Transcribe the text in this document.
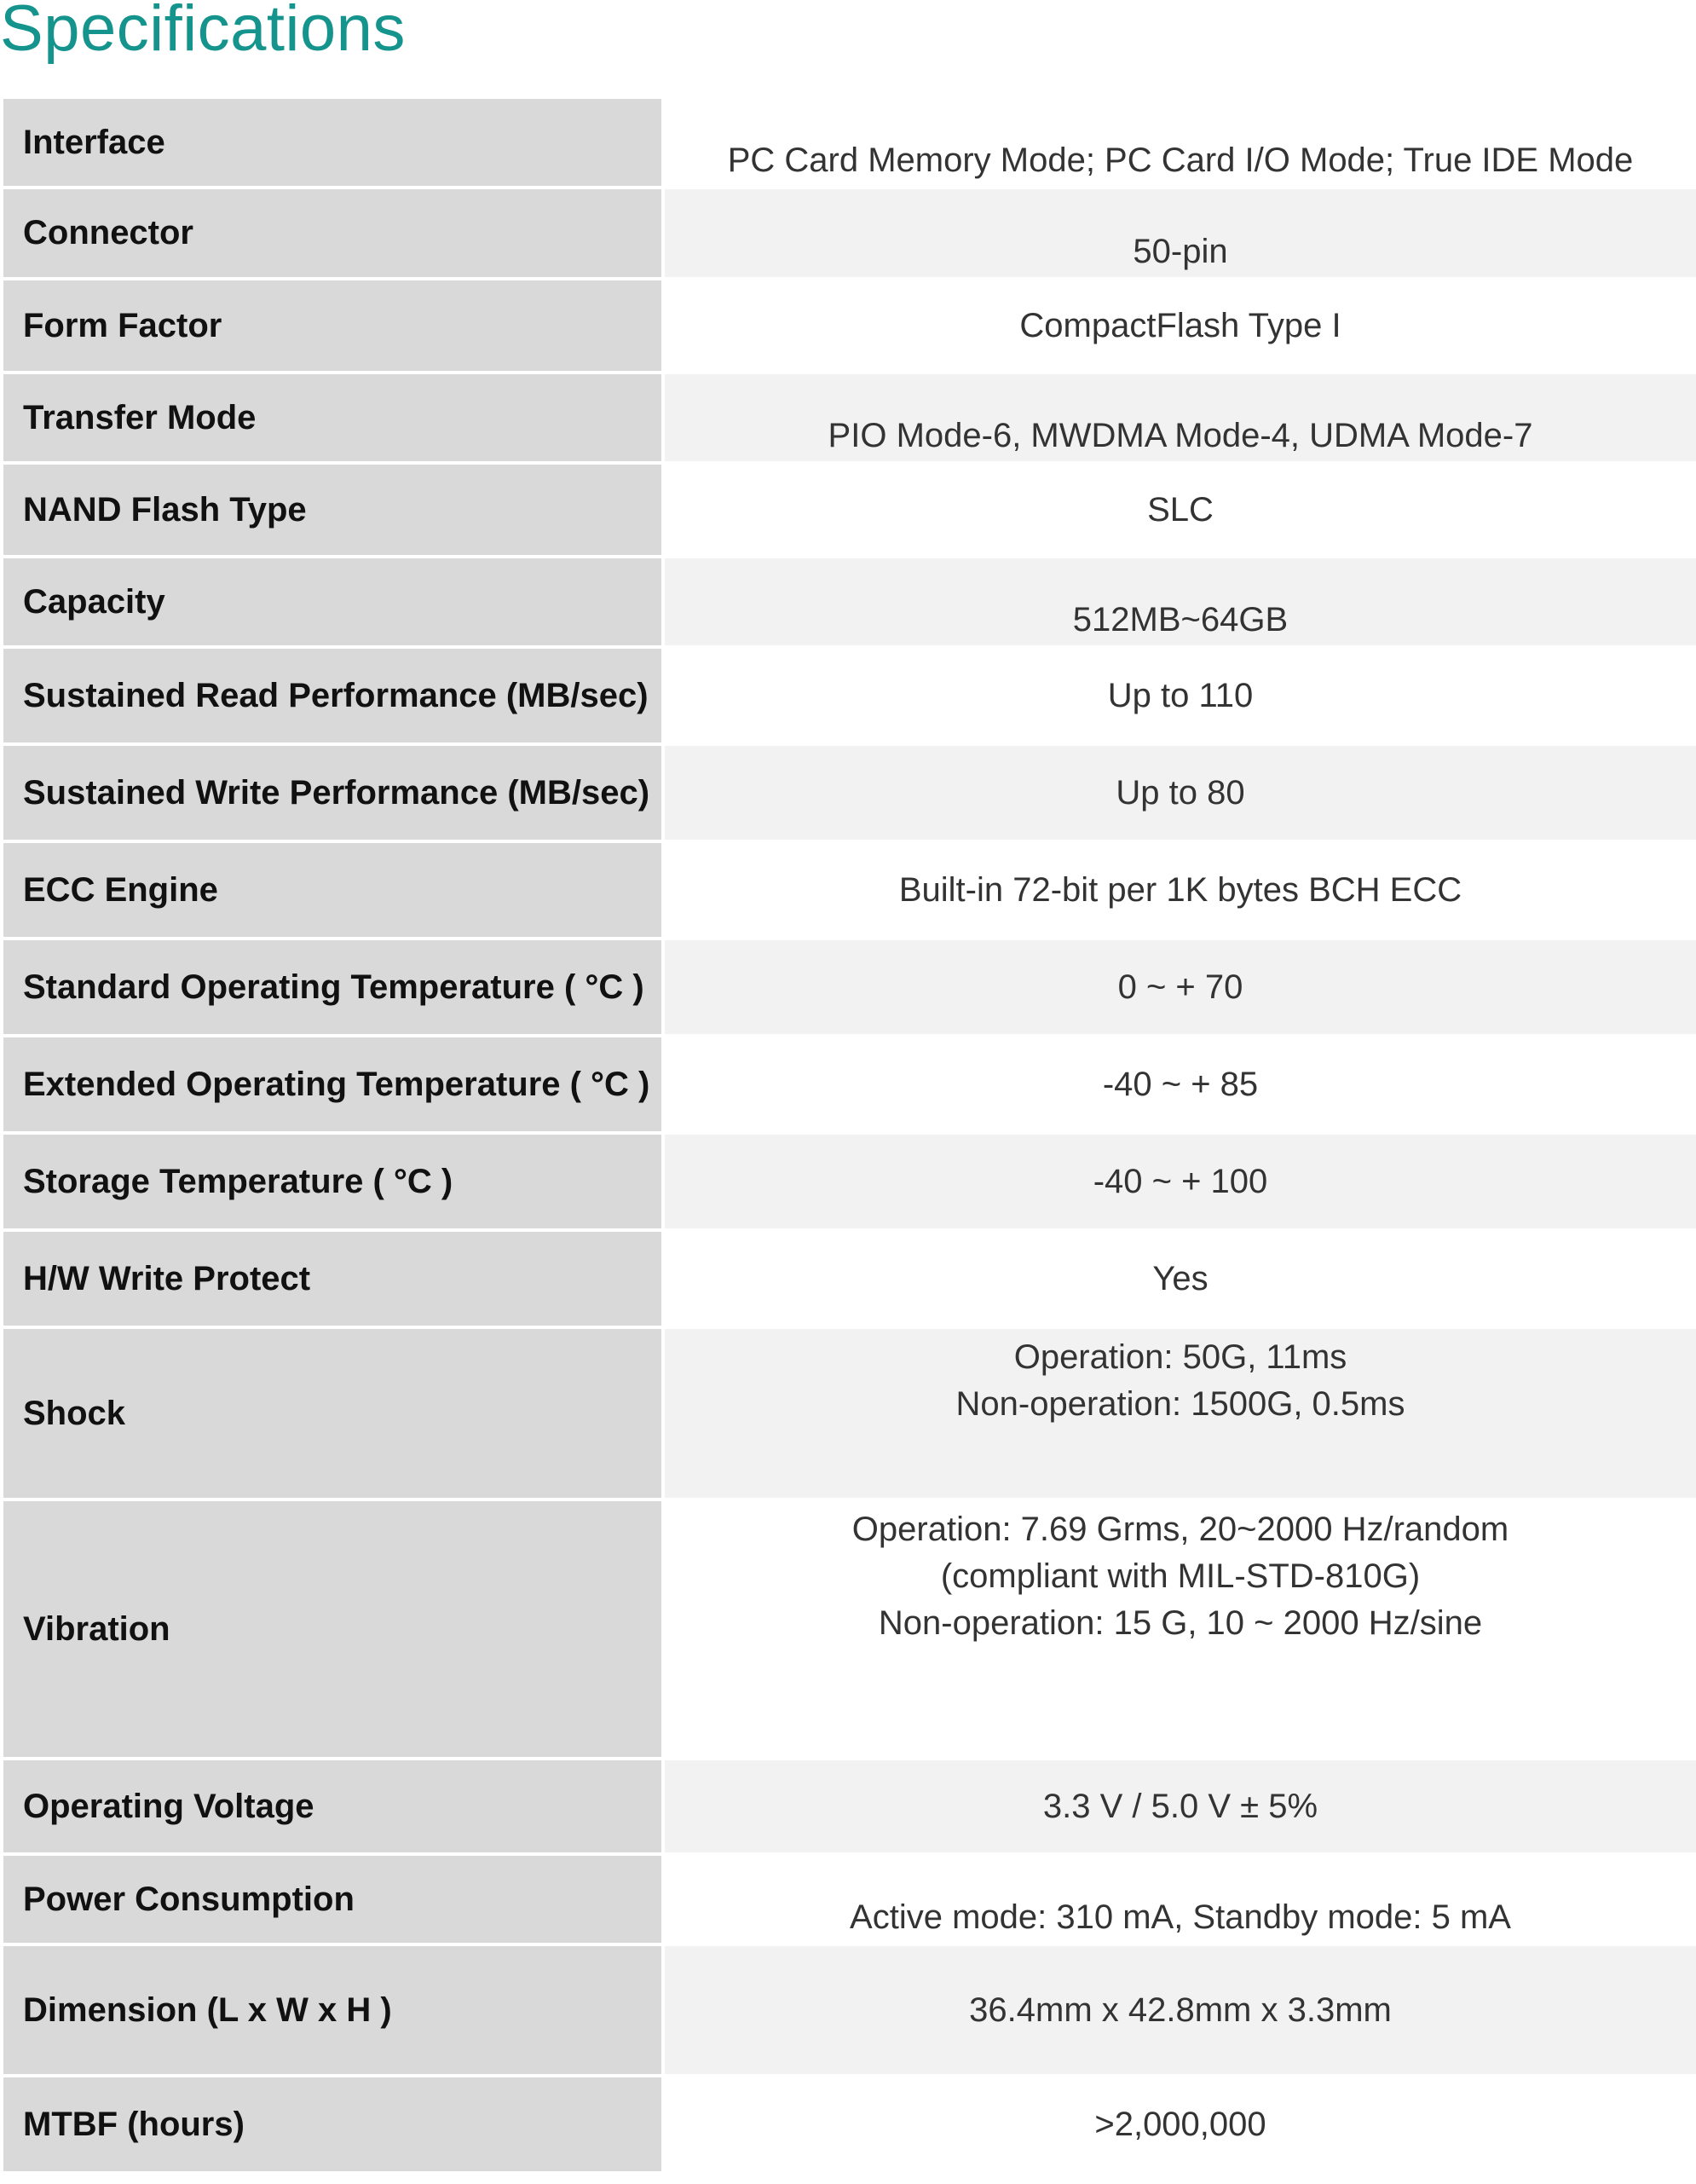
Specifications
Interface	PC Card Memory Mode; PC Card I/O Mode; True IDE Mode

Connector	50-pin

Form Factor	CompactFlash Type I

Transfer Mode	PIO Mode-6, MWDMA Mode-4, UDMA Mode-7

NAND Flash Type	SLC

Capacity	512MB~64GB

Sustained Read Performance (MB/sec)	Up to 110

Sustained Write Performance (MB/sec)	Up to 80

ECC Engine	Built-in 72-bit per 1K bytes BCH ECC

Standard Operating Temperature ( °C )	0 ~ + 70

Extended Operating Temperature ( °C )	-40 ~ + 85

Storage Temperature ( °C )	-40 ~ + 100

H/W Write Protect	Yes

Shock	Operation: 50G, 11ms
Non-operation: 1500G, 0.5ms

Vibration	Operation: 7.69 Grms, 20~2000 Hz/random
(compliant with MIL-STD-810G)
Non-operation: 15 G, 10 ~ 2000 Hz/sine

Operating Voltage	3.3 V / 5.0 V ± 5%

Power Consumption	Active mode: 310 mA, Standby mode: 5 mA

Dimension (L x W x H )	36.4mm x 42.8mm x 3.3mm

MTBF (hours)	>2,000,000
